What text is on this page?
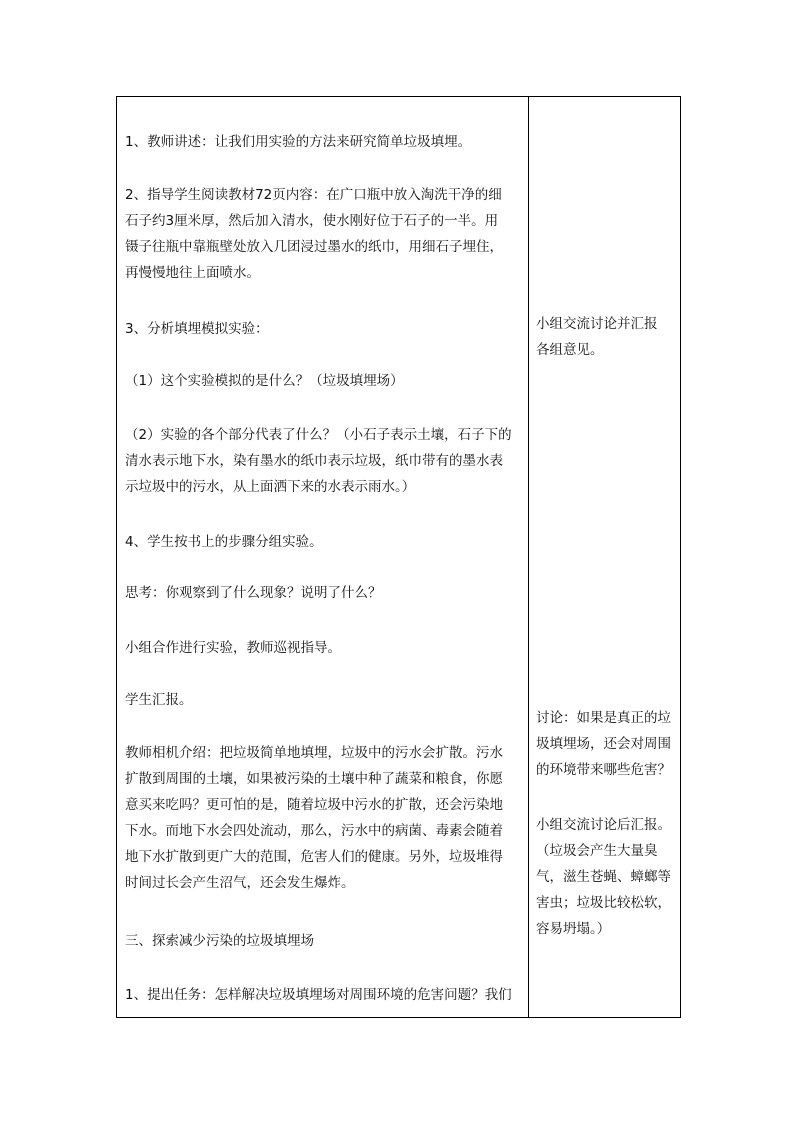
1、教师讲述：让我们用实验的方法来研究简单垃圾填埋。

2、指导学生阅读教材72页内容：在广口瓶中放入淘洗干净的细
石子约3厘米厚，然后加入清水，使水刚好位于石子的一半。用
镊子往瓶中靠瓶壁处放入几团浸过墨水的纸巾，用细石子埋住，
再慢慢地往上面喷水。

3、分析填埋模拟实验：

（1）这个实验模拟的是什么？（垃圾填埋场）

（2）实验的各个部分代表了什么？（小石子表示土壤，石子下的
清水表示地下水，染有墨水的纸巾表示垃圾，纸巾带有的墨水表
示垃圾中的污水，从上面洒下来的水表示雨水。）

4、学生按书上的步骤分组实验。

思考：你观察到了什么现象？说明了什么？

小组合作进行实验，教师巡视指导。

学生汇报。

教师相机介绍：把垃圾简单地填埋，垃圾中的污水会扩散。污水
扩散到周围的土壤，如果被污染的土壤中种了蔬菜和粮食，你愿
意买来吃吗？更可怕的是，随着垃圾中污水的扩散，还会污染地
下水。而地下水会四处流动，那么，污水中的病菌、毒素会随着
地下水扩散到更广大的范围，危害人们的健康。另外，垃圾堆得
时间过长会产生沼气，还会发生爆炸。

三、探索减少污染的垃圾填埋场

1、提出任务：怎样解决垃圾填埋场对周围环境的危害问题？我们

小组交流讨论并汇报
各组意见。

讨论：如果是真正的垃
圾填埋场，还会对周围
的环境带来哪些危害？

小组交流讨论后汇报。
（垃圾会产生大量臭
气，滋生苍蝇、蟑螂等
害虫；垃圾比较松软，
容易坍塌。）
